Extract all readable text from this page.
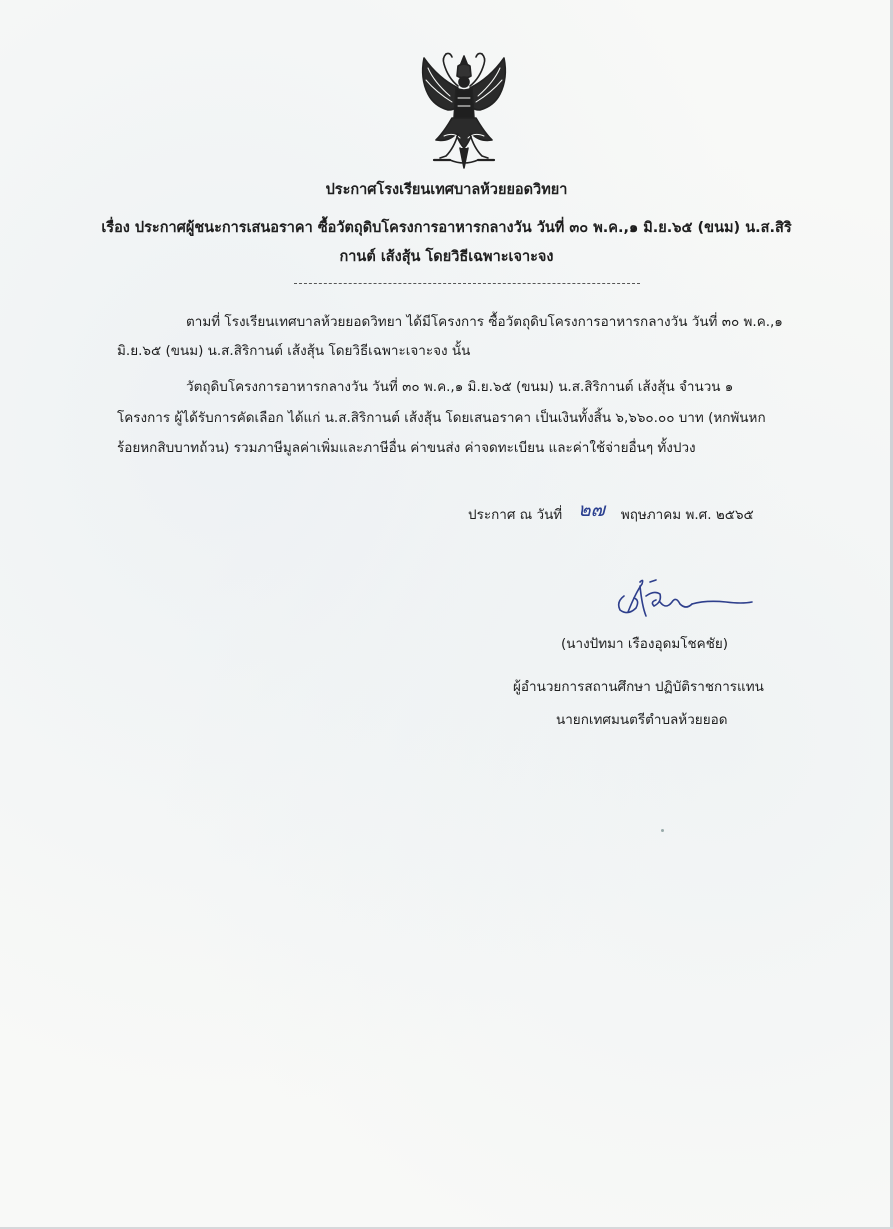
ประกาศโรงเรียนเทศบาลห้วยยอดวิทยา
เรื่อง ประกาศผู้ชนะการเสนอราคา ซื้อวัตถุดิบโครงการอาหารกลางวัน วันที่ ๓๐ พ.ค.,๑ มิ.ย.๖๕ (ขนม) น.ส.สิริ
กานต์ เส้งสุ้น โดยวิธีเฉพาะเจาะจง
ตามที่ โรงเรียนเทศบาลห้วยยอดวิทยา ได้มีโครงการ ซื้อวัตถุดิบโครงการอาหารกลางวัน วันที่ ๓๐ พ.ค.,๑
มิ.ย.๖๕ (ขนม) น.ส.สิริกานต์ เส้งสุ้น โดยวิธีเฉพาะเจาะจง นั้น
วัตถุดิบโครงการอาหารกลางวัน วันที่ ๓๐ พ.ค.,๑ มิ.ย.๖๕ (ขนม) น.ส.สิริกานต์ เส้งสุ้น จำนวน ๑
โครงการ ผู้ได้รับการคัดเลือก ได้แก่ น.ส.สิริกานต์ เส้งสุ้น โดยเสนอราคา เป็นเงินทั้งสิ้น ๖,๖๖๐.๐๐ บาท (หกพันหก
ร้อยหกสิบบาทถ้วน) รวมภาษีมูลค่าเพิ่มและภาษีอื่น ค่าขนส่ง ค่าจดทะเบียน และค่าใช้จ่ายอื่นๆ ทั้งปวง
ประกาศ ณ วันที่ ๒๗ พฤษภาคม พ.ศ. ๒๕๖๕
(นางปัทมา เรืองอุดมโชคชัย)
ผู้อำนวยการสถานศึกษา ปฏิบัติราชการแทน
นายกเทศมนตรีตำบลห้วยยอด
